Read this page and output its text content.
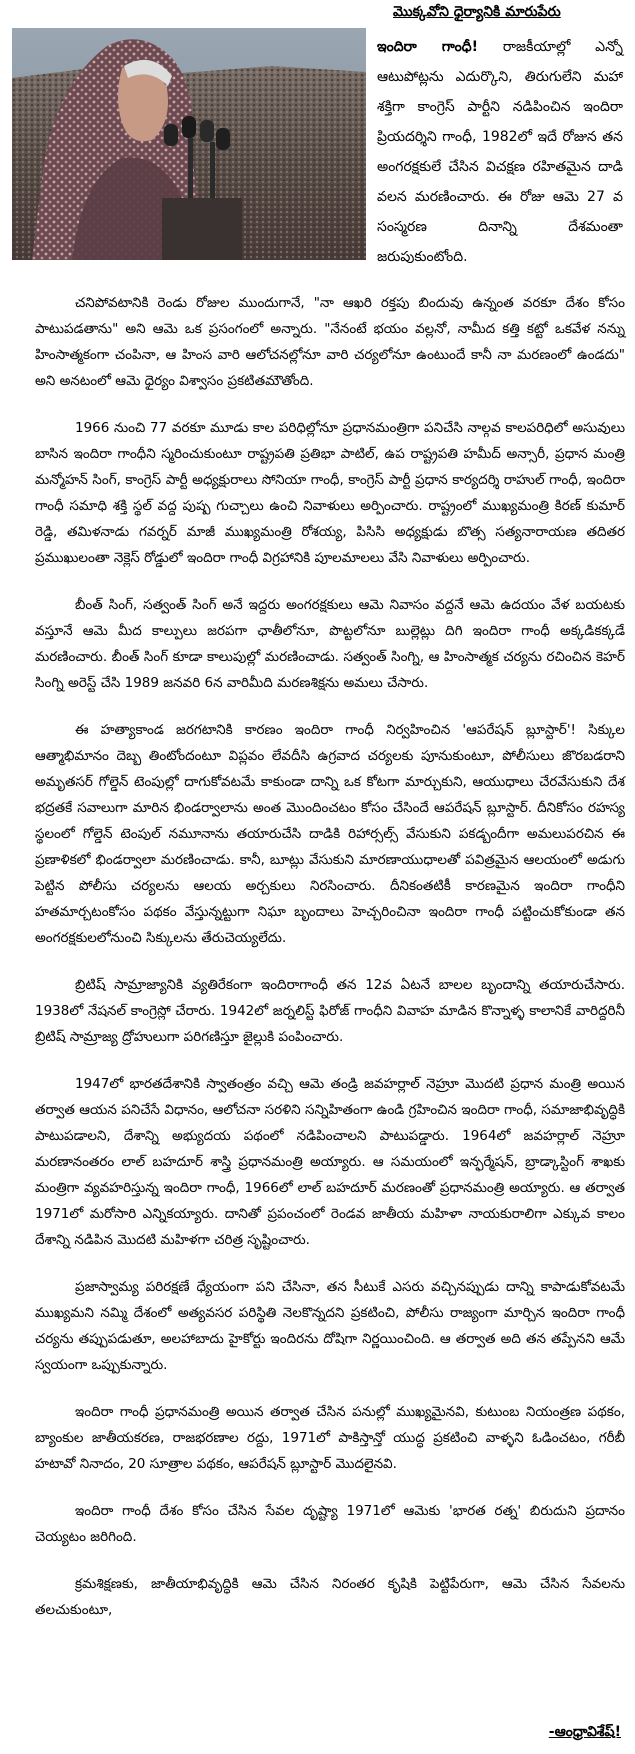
మొక్కవోని ధైర్యానికి మారుపేరు
ఇందిరా గాంధీ! రాజకీయాల్లో ఎన్నో ఆటుపోట్లను ఎదుర్కొని, తిరుగులేని మహా శక్తిగా కాంగ్రెస్ పార్టీని నడిపించిన ఇందిరా ప్రియదర్శిని గాంధీ, 1982లో ఇదే రోజున తన అంగరక్షకులే చేసిన విచక్షణ రహితమైన దాడి వలన మరణించారు. ఈ రోజు ఆమె 27 వ సంస్మరణ దినాన్ని దేశమంతా జరుపుకుంటోంది.

చనిపోవటానికి రెండు రోజుల ముందుగానే, "నా ఆఖరి రక్తపు బిందువు ఉన్నంత వరకూ దేశం కోసం పాటుపడతాను" అని ఆమె ఒక ప్రసంగంలో అన్నారు. "నేనంటే భయం వల్లనో, నామీద కత్తి కట్టో ఒకవేళ నన్ను హింసాత్మకంగా చంపినా, ఆ హింస వారి ఆలోచనల్లోనూ వారి చర్యలోనూ ఉంటుందే కానీ నా మరణంలో ఉండదు" అని అనటంలో ఆమె ధైర్యం విశ్వాసం ప్రకటితమౌతోంది.

1966 నుంచి 77 వరకూ మూడు కాల పరిధిల్లోనూ ప్రధానమంత్రిగా పనిచేసి నాల్గవ కాలపరిధిలో అసువులు బాసిన ఇందిరా గాంధీని స్మరించుకుంటూ రాష్ట్రపతి ప్రతిభా పాటిల్, ఉప రాష్ట్రపతి హమీద్ అన్సారీ, ప్రధాన మంత్రి మన్మోహన్ సింగ్, కాంగ్రెస్ పార్టీ అధ్యక్షురాలు సోనియా గాంధీ, కాంగ్రెస్ పార్టీ ప్రధాన కార్యదర్శి రాహుల్ గాంధీ, ఇందిరా గాంధీ సమాధి శక్తి స్థల్ వద్ద పుష్ప గుచ్చాలు ఉంచి నివాళులు అర్పించారు. రాష్ట్రంలో ముఖ్యమంత్రి కిరణ్ కుమార్ రెడ్డి, తమిళనాడు గవర్నర్ మాజీ ముఖ్యమంత్రి రోశయ్య, పిసిసి అధ్యక్షుడు బొత్స సత్యనారాయణ తదితర ప్రముఖులంతా నెక్లెస్ రోడ్డులో ఇందిరా గాంధీ విగ్రహానికి పూలమాలలు వేసి నివాళులు అర్పించారు.

బీంత్ సింగ్, సత్వంత్ సింగ్ అనే ఇద్దరు అంగరక్షకులు ఆమె నివాసం వద్దనే ఆమె ఉదయం వేళ బయటకు వస్తూనే ఆమె మీద కాల్పులు జరపగా ఛాతీలోనూ, పొట్టలోనూ బుల్లెట్లు దిగి ఇందిరా గాంధీ అక్కడికక్కడే మరణించారు. బీంత్ సింగ్ కూడా కాలుపుల్లో మరణించాడు. సత్వంత్ సింగ్ని, ఆ హింసాత్మక చర్యను రచించిన కెహర్ సింగ్ని అరెస్ట్ చేసి 1989 జనవరి 6న వారిమీది మరణశిక్షను అమలు చేసారు.

ఈ హత్యాకాండ జరగటానికి కారణం ఇందిరా గాంధీ నిర్వహించిన 'ఆపరేషన్ బ్లూస్టార్'! సిక్కుల ఆత్మాభిమానం దెబ్బ తింటోందంటూ విప్లవం లేవదీసి ఉగ్రవాద చర్యలకు పూనుకుంటూ, పోలీసులు జొరబడరాని అమృతసర్ గోల్డెన్ టెంపుల్లో దాగుకోవటమే కాకుండా దాన్ని ఒక కోటగా మార్చుకుని, ఆయుధాలు చేరవేసుకుని దేశ భద్రతకే సవాలుగా మారిన భిండర్వాలాను అంత మొందించటం కోసం చేసిందే ఆపరేషన్ బ్లూస్టార్. దీనికోసం రహస్య స్థలంలో గోల్డెన్ టెంపుల్ నమూనాను తయారుచేసి దాడికి రిహార్సల్స్ వేసుకుని పకడ్బందీగా అమలుపరచిన ఈ ప్రణాళికలో భిండర్వాలా మరణించాడు. కానీ, బూట్లు వేసుకుని మారణాయుధాలతో పవిత్రమైన ఆలయంలో అడుగు పెట్టిన పోలీసు చర్యలను ఆలయ అర్చకులు నిరసించారు. దీనికంతటికీ కారణమైన ఇందిరా గాంధీని హతమార్చటంకోసం పథకం వేస్తున్నట్టుగా నిఘా బృందాలు హెచ్చరించినా ఇందిరా గాంధీ పట్టించుకోకుండా తన అంగరక్షకులలోనుంచి సిక్కులను తేరుచెయ్యలేదు.

బ్రిటిష్ సామ్రాజ్యానికి వ్యతిరేకంగా ఇందిరాగాంధీ తన 12వ ఏటనే బాలల బృందాన్ని తయారుచేసారు. 1938లో నేషనల్ కాంగ్రెస్లో చేరారు. 1942లో జర్నలిస్ట్ ఫిరోజ్ గాంధీని వివాహ మాడిన కొన్నాళ్ళ కాలానికే వారిద్దరినీ బ్రిటిష్ సామ్రాజ్య ద్రోహులుగా పరిగణిస్తూ జైల్లుకి పంపించారు.

1947లో భారతదేశానికి స్వాతంత్రం వచ్చి ఆమె తండ్రి జవహర్లాల్ నెహ్రూ మొదటి ప్రధాన మంత్రి అయిన తర్వాత ఆయన పనిచేసే విధానం, ఆలోచనా సరళిని సన్నిహితంగా ఉండి గ్రహించిన ఇందిరా గాంధీ, సమాజాభివృద్ధికి పాటుపడాలని, దేశాన్ని అభ్యుదయ పథంలో నడిపించాలని పాటుపడ్డారు. 1964లో జవహర్లాల్ నెహ్రూ మరణానంతరం లాల్ బహదూర్ శాస్త్రి ప్రధానమంత్రి అయ్యారు. ఆ సమయంలో ఇన్ఫర్మేషన్, బ్రాడ్కాస్టింగ్ శాఖకు మంత్రిగా వ్యవహరిస్తున్న ఇందిరా గాంధీ, 1966లో లాల్ బహదూర్ మరణంతో ప్రధానమంత్రి అయ్యారు. ఆ తర్వాత 1971లో మరోసారి ఎన్నికయ్యారు. దానితో ప్రపంచంలో రెండవ జాతీయ మహిళా నాయకురాలిగా ఎక్కువ కాలం దేశాన్ని నడిపిన మొదటి మహిళగా చరిత్ర సృష్టించారు.

ప్రజాస్వామ్య పరిరక్షణే ధ్యేయంగా పని చేసినా, తన సీటుకే ఎసరు వచ్చినప్పుడు దాన్ని కాపాడుకోవటమే ముఖ్యమని నమ్మి దేశంలో అత్యవసర పరిస్థితి నెలకొన్నదని ప్రకటించి, పోలీసు రాజ్యంగా మార్చిన ఇందిరా గాంధీ చర్యను తప్పుపడుతూ, అలహాబాదు హైకోర్టు ఇందిరను దోషిగా నిర్ణయించింది. ఆ తర్వాత అది తన తప్పేనని ఆమే స్వయంగా ఒప్పుకున్నారు.

ఇందిరా గాంధీ ప్రధానమంత్రి అయిన తర్వాత చేసిన పనుల్లో ముఖ్యమైనవి, కుటుంబ నియంత్రణ పథకం, బ్యాంకుల జాతీయకరణ, రాజభరణాల రద్దు, 1971లో పాకిస్తాన్తో యుద్ధ ప్రకటించి వాళ్ళని ఓడించటం, గరీబీ హటావో నినాదం, 20 సూత్రాల పథకం, ఆపరేషన్ బ్లూస్టార్ మొదలైనవి.

ఇందిరా గాంధీ దేశం కోసం చేసిన సేవల దృష్ట్యా 1971లో ఆమెకు 'భారత రత్న' బిరుదుని ప్రదానం చెయ్యటం జరిగింది.

క్రమశిక్షణకు, జాతీయాభివృద్ధికి ఆమె చేసిన నిరంతర కృషికి పెట్టిపేరుగా, ఆమె చేసిన సేవలను తలచుకుంటూ,

-ఆంధ్రావిశేష్!
